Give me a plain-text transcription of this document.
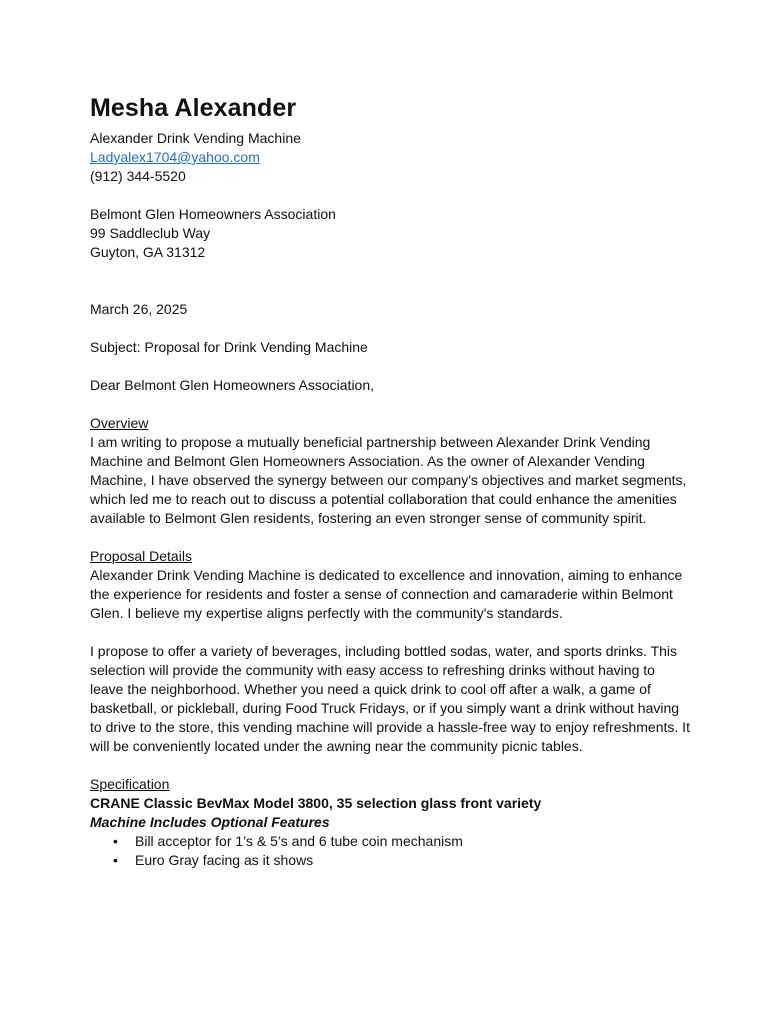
Mesha Alexander
Alexander Drink Vending Machine
Ladyalex1704@yahoo.com
(912) 344-5520
Belmont Glen Homeowners Association
99 Saddleclub Way
Guyton, GA 31312
March 26, 2025
Subject: Proposal for Drink Vending Machine
Dear Belmont Glen Homeowners Association,
Overview

I am writing to propose a mutually beneficial partnership between Alexander Drink Vending Machine and Belmont Glen Homeowners Association. As the owner of Alexander Vending Machine, I have observed the synergy between our company's objectives and market segments, which led me to reach out to discuss a potential collaboration that could enhance the amenities available to Belmont Glen residents, fostering an even stronger sense of community spirit.

Proposal Details

Alexander Drink Vending Machine is dedicated to excellence and innovation, aiming to enhance the experience for residents and foster a sense of connection and camaraderie within Belmont Glen. I believe my expertise aligns perfectly with the community's standards.

I propose to offer a variety of beverages, including bottled sodas, water, and sports drinks. This selection will provide the community with easy access to refreshing drinks without having to leave the neighborhood. Whether you need a quick drink to cool off after a walk, a game of basketball, or pickleball, during Food Truck Fridays, or if you simply want a drink without having to drive to the store, this vending machine will provide a hassle-free way to enjoy refreshments. It will be conveniently located under the awning near the community picnic tables.

Specification
CRANE Classic BevMax Model 3800, 35 selection glass front variety
Machine Includes Optional Features
• Bill acceptor for 1’s & 5’s and 6 tube coin mechanism
• Euro Gray facing as it shows
